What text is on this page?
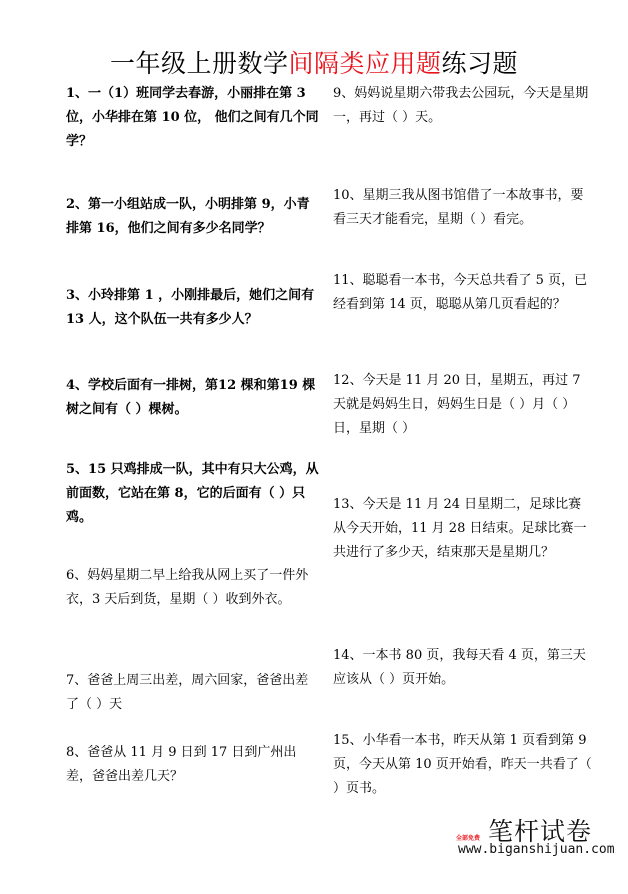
一年级上册数学间隔类应用题练习题

1、一（1）班同学去春游，小丽排在第 3 位，小华排在第 10 位， 他们之间有几个同学？

2、第一小组站成一队，小明排第 9，小青排第 16，他们之间有多少名同学？

3、小玲排第 1 ，小刚排最后，她们之间有 13 人，这个队伍一共有多少人？

4、学校后面有一排树，第12 棵和第19 棵树之间有（ ）棵树。

5、15 只鸡排成一队，其中有只大公鸡，从前面数，它站在第 8，它的后面有（ ）只鸡。

6、妈妈星期二早上给我从网上买了一件外衣，3 天后到货，星期（ ）收到外衣。

7、爸爸上周三出差，周六回家，爸爸出差了（ ）天

8、爸爸从 11 月 9 日到 17 日到广州出差，爸爸出差几天？

9、妈妈说星期六带我去公园玩，今天是星期一，再过（ ）天。

10、星期三我从图书馆借了一本故事书，要看三天才能看完，星期（ ）看完。

11、聪聪看一本书，今天总共看了 5 页，已经看到第 14 页，聪聪从第几页看起的？

12、今天是 11 月 20 日，星期五，再过 7 天就是妈妈生日，妈妈生日是（ ）月（ ）日，星期（ ）

13、今天是 11 月 24 日星期二，足球比赛从今天开始，11 月 28 日结束。足球比赛一共进行了多少天，结束那天是星期几？

14、一本书 80 页，我每天看 4 页，第三天应该从（ ）页开始。

15、小华看一本书，昨天从第 1 页看到第 9 页，今天从第 10 页开始看，昨天一共看了（ ）页书。

笔杆试卷
全部免费
www.biganshijuan.com
